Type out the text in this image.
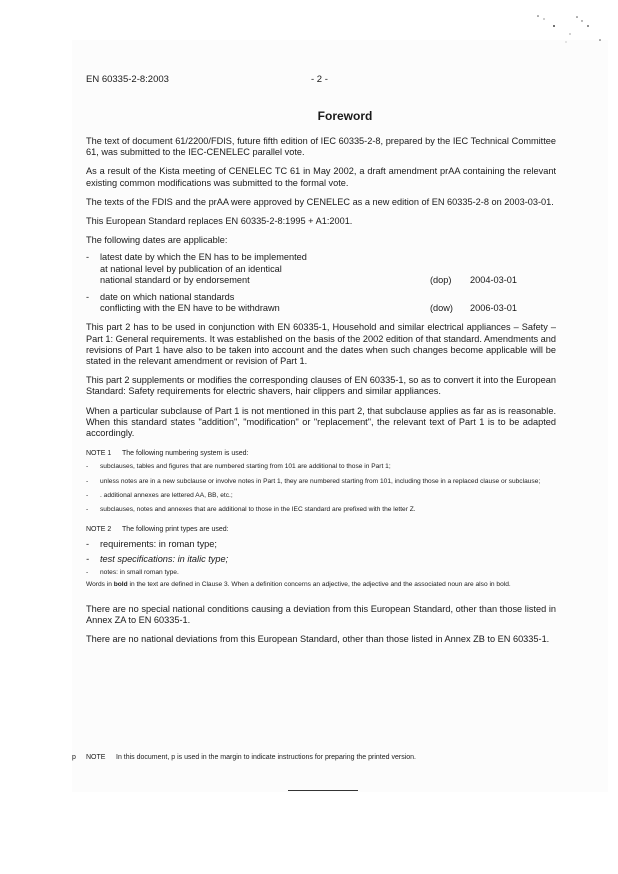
EN 60335-2-8:2003	- 2 -
Foreword

The text of document 61/2200/FDIS, future fifth edition of IEC 60335-2-8, prepared by the IEC Technical Committee 61, was submitted to the IEC-CENELEC parallel vote.

As a result of the Kista meeting of CENELEC TC 61 in May 2002, a draft amendment prAA containing the relevant existing common modifications was submitted to the formal vote.

The texts of the FDIS and the prAA were approved by CENELEC as a new edition of EN 60335-2-8 on 2003-03-01.

This European Standard replaces EN 60335-2-8:1995 + A1:2001.

The following dates are applicable:

- latest date by which the EN has to be implemented
at national level by publication of an identical
national standard or by endorsement	(dop) 2004-03-01
- date on which national standards
conflicting with the EN have to be withdrawn	(dow) 2006-03-01

This part 2 has to be used in conjunction with EN 60335-1, Household and similar electrical appliances – Safety – Part 1: General requirements. It was established on the basis of the 2002 edition of that standard. Amendments and revisions of Part 1 have also to be taken into account and the dates when such changes become applicable will be stated in the relevant amendment or revision of Part 1.

This part 2 supplements or modifies the corresponding clauses of EN 60335-1, so as to convert it into the European Standard: Safety requirements for electric shavers, hair clippers and similar appliances.

When a particular subclause of Part 1 is not mentioned in this part 2, that subclause applies as far as is reasonable. When this standard states "addition", "modification" or "replacement", the relevant text of Part 1 is to be adapted accordingly.

NOTE 1 The following numbering system is used:
- subclauses, tables and figures that are numbered starting from 101 are additional to those in Part 1;
- unless notes are in a new subclause or involve notes in Part 1, they are numbered starting from 101, including those in a replaced clause or subclause;
- . additional annexes are lettered AA, BB, etc.;
- subclauses, notes and annexes that are additional to those in the IEC standard are prefixed with the letter Z.
NOTE 2 The following print types are used:
- requirements: in roman type;
- test specifications: in italic type;
- notes: in small roman type.
Words in bold in the text are defined in Clause 3. When a definition concerns an adjective, the adjective and the associated noun are also in bold.

There are no special national conditions causing a deviation from this European Standard, other than those listed in Annex ZA to EN 60335-1.

There are no national deviations from this European Standard, other than those listed in Annex ZB to EN 60335-1.

p NOTE In this document, p is used in the margin to indicate instructions for preparing the printed version.
